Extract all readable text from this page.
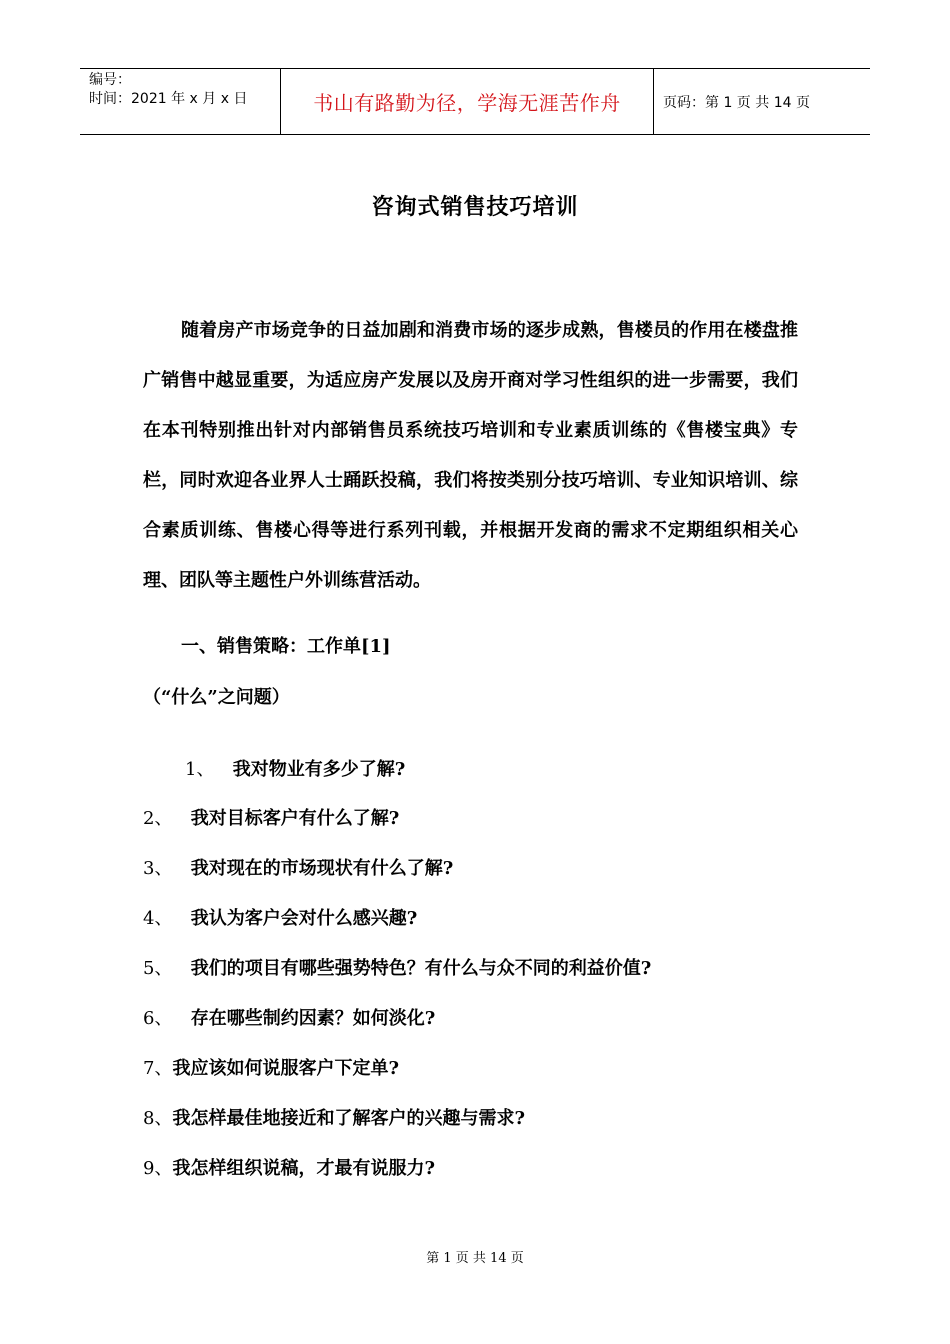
编号：
时间：2021 年 x 月 x 日	书山有路勤为径，学海无涯苦作舟	页码：第 1 页 共 14 页
咨询式销售技巧培训

随着房产市场竞争的日益加剧和消费市场的逐步成熟，售楼员的作用在楼盘推广销售中越显重要，为适应房产发展以及房开商对学习性组织的进一步需要，我们在本刊特别推出针对内部销售员系统技巧培训和专业素质训练的《售楼宝典》专栏，同时欢迎各业界人士踊跃投稿，我们将按类别分技巧培训、专业知识培训、综合素质训练、售楼心得等进行系列刊载，并根据开发商的需求不定期组织相关心理、团队等主题性户外训练营活动。

一、销售策略：工作单[1]
（“什么”之问题）
1、 我对物业有多少了解?
2、 我对目标客户有什么了解?
3、 我对现在的市场现状有什么了解?
4、 我认为客户会对什么感兴趣?
5、 我们的项目有哪些强势特色？有什么与众不同的利益价值?
6、 存在哪些制约因素？如何淡化?
7、我应该如何说服客户下定单?
8、我怎样最佳地接近和了解客户的兴趣与需求?
9、我怎样组织说稿，才最有说服力?
第 1 页 共 14 页
